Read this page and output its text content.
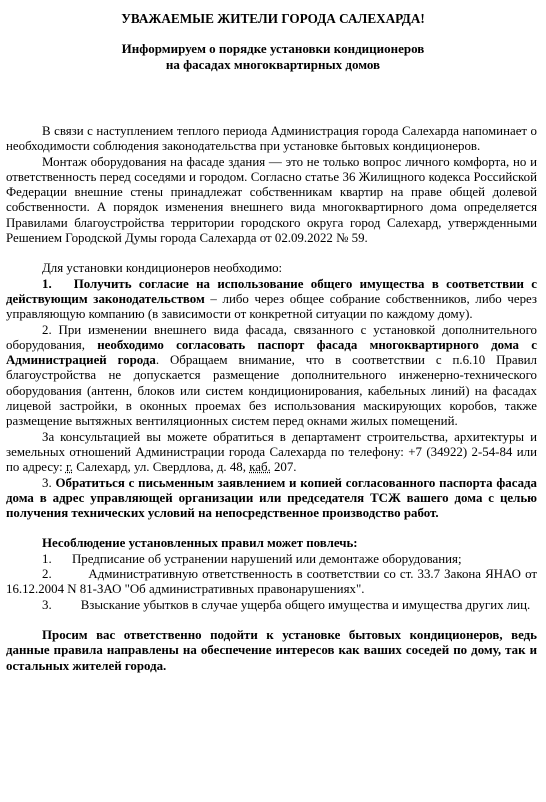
УВАЖАЕМЫЕ ЖИТЕЛИ ГОРОДА САЛЕХАРДА!
Информируем о порядке установки кондиционеров
на фасадах многоквартирных домов

В связи с наступлением теплого периода Администрация города Салехарда напоминает о необходимости соблюдения законодательства при установке бытовых кондиционеров.

Монтаж оборудования на фасаде здания — это не только вопрос личного комфорта, но и ответственность перед соседями и городом. Согласно статье 36 Жилищного кодекса Российской Федерации внешние стены принадлежат собственникам квартир на праве общей долевой собственности. А порядок изменения внешнего вида многоквартирного дома определяется Правилами благоустройства территории городского округа город Салехард, утвержденными Решением Городской Думы города Салехарда от 02.09.2022 № 59.

Для установки кондиционеров необходимо:

1. Получить согласие на использование общего имущества в соответствии с действующим законодательством – либо через общее собрание собственников, либо через управляющую компанию (в зависимости от конкретной ситуации по каждому дому).

2. При изменении внешнего вида фасада, связанного с установкой дополнительного оборудования, необходимо согласовать паспорт фасада многоквартирного дома с Администрацией города. Обращаем внимание, что в соответствии с п.6.10 Правил благоустройства не допускается размещение дополнительного инженерно-технического оборудования (антенн, блоков или систем кондиционирования, кабельных линий) на фасадах лицевой застройки, в оконных проемах без использования маскирующих коробов, также размещение вытяжных вентиляционных систем перед окнами жилых помещений.

За консультацией вы можете обратиться в департамент строительства, архитектуры и земельных отношений Администрации города Салехарда по телефону: +7 (34922) 2-54-84 или по адресу: г. Салехард, ул. Свердлова, д. 48, каб. 207.

3. Обратиться с письменным заявлением и копией согласованного паспорта фасада дома в адрес управляющей организации или председателя ТСЖ вашего дома с целью получения технических условий на непосредственное производство работ.

Несоблюдение установленных правил может повлечь:

1.	Предписание об устранении нарушений или демонтаже оборудования;

2.	Административную ответственность в соответствии со ст. 33.7 Закона ЯНАО от 16.12.2004 N 81-ЗАО "Об административных правонарушениях".

3. Взыскание убытков в случае ущерба общего имущества и имущества других лиц.

Просим вас ответственно подойти к установке бытовых кондиционеров, ведь данные правила направлены на обеспечение интересов как ваших соседей по дому, так и остальных жителей города.
